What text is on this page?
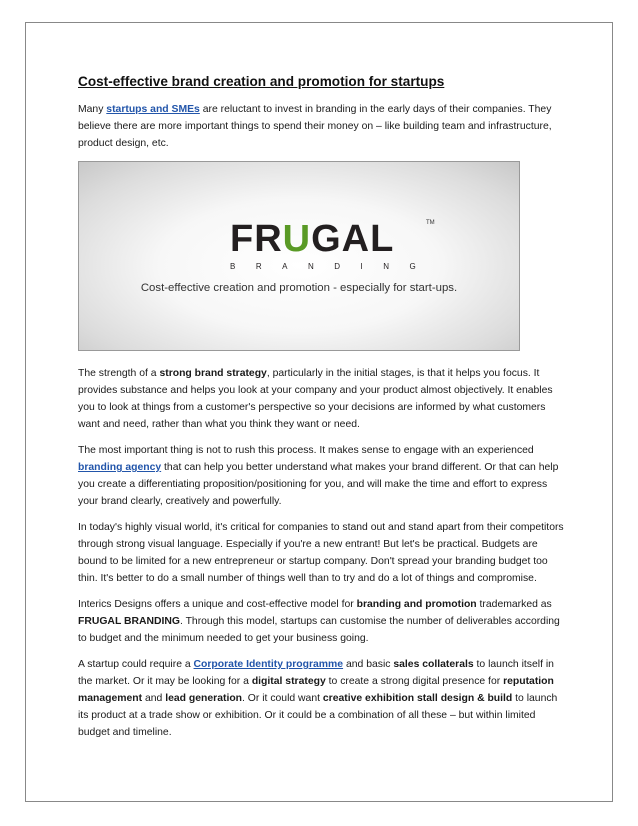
Cost-effective brand creation and promotion for startups

Many startups and SMEs are reluctant to invest in branding in the early days of their companies. They believe there are more important things to spend their money on – like building team and infrastructure, product design, etc.

FRUGAL	TM
BRANDING
Cost-effective creation and promotion - especially for start-ups.

The strength of a strong brand strategy, particularly in the initial stages, is that it helps you focus. It provides substance and helps you look at your company and your product almost objectively. It enables you to look at things from a customer's perspective so your decisions are informed by what customers want and need, rather than what you think they want or need.

The most important thing is not to rush this process. It makes sense to engage with an experienced branding agency that can help you better understand what makes your brand different. Or that can help you create a differentiating proposition/positioning for you, and will make the time and effort to express your brand clearly, creatively and powerfully.

In today's highly visual world, it's critical for companies to stand out and stand apart from their competitors through strong visual language. Especially if you're a new entrant! But let's be practical. Budgets are bound to be limited for a new entrepreneur or startup company. Don't spread your branding budget too thin. It's better to do a small number of things well than to try and do a lot of things and compromise.

Interics Designs offers a unique and cost-effective model for branding and promotion trademarked as FRUGAL BRANDING. Through this model, startups can customise the number of deliverables according to budget and the minimum needed to get your business going.

A startup could require a Corporate Identity programme and basic sales collaterals to launch itself in the market. Or it may be looking for a digital strategy to create a strong digital presence for reputation management and lead generation. Or it could want creative exhibition stall design & build to launch its product at a trade show or exhibition. Or it could be a combination of all these – but within limited budget and timeline.
